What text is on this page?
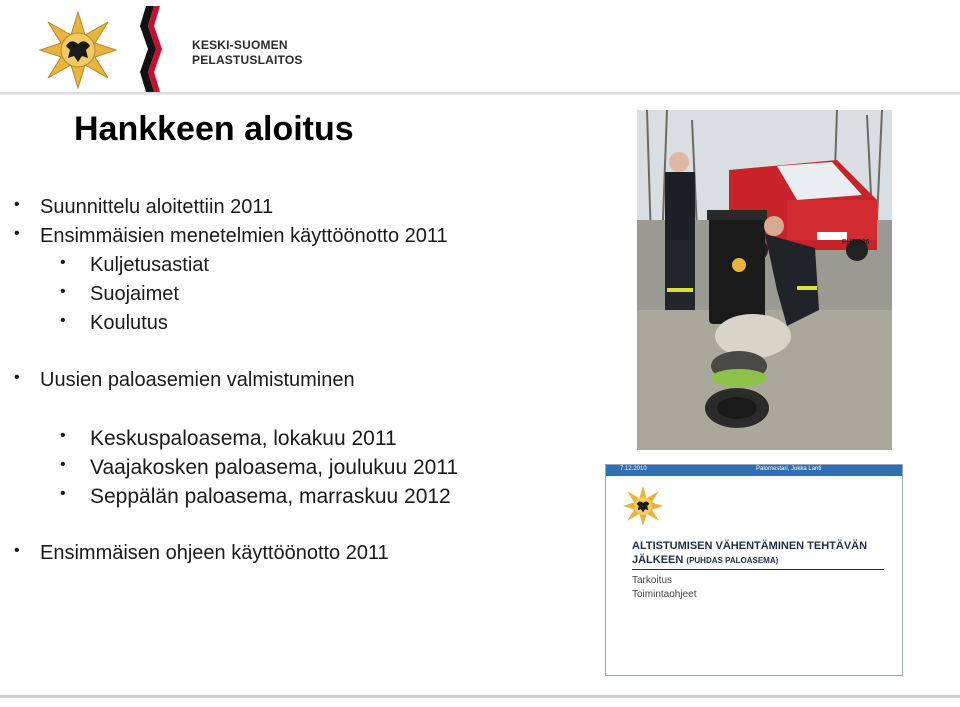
KESKI-SUOMEN
PELASTUSLAITOS
Hankkeen aloitus
• Suunnittelu aloitettiin 2011
• Ensimmäisien menetelmien käyttöönotto 2011
• Kuljetusastiat
• Suojaimet
• Koulutus
• Uusien paloasemien valmistuminen
• Keskuspaloasema, lokakuu 2011
• Vaajakosken paloasema, joulukuu 2011
• Seppälän paloasema, marraskuu 2012
• Ensimmäisen ohjeen käyttöönotto 2011
FHT-486
7.12.2010	Palomestari, Jukka Lanti
ALTISTUMISEN VÄHENTÄMINEN TEHTÄVÄN
JÄLKEEN (PUHDAS PALOASEMA)
Tarkoitus
Toimintaohjeet
